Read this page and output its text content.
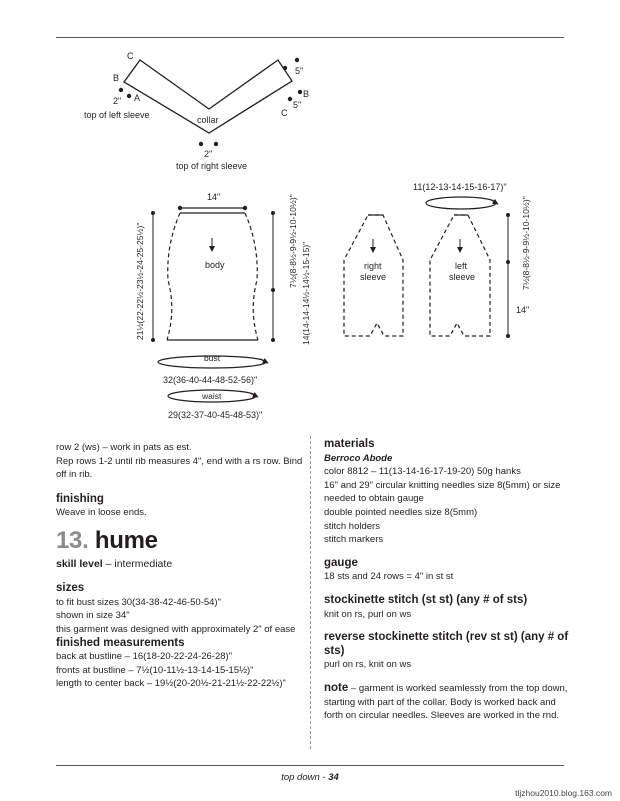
C
B
A
2"
top of left sleeve	collar
2"
top of right sleeve
5"
B
5"
C
14"
body
21½(22-22½-23½-24-25-25½)"	7½(8-8½-9-9½-10-10½)"
14(14-14-14½-14½-15-15)"
bust
32(36-40-44-48-52-56)"
waist
29(32-37-40-45-48-53)"
11(12-13-14-15-16-17)"
right
sleeve
left
sleeve	7½(8-8½-9-9½-10-10½)"
14"

row 2 (ws) – work in pats as est.

Rep rows 1-2 until rib measures 4", end with a rs row. Bind

off in rib.

finishing

Weave in loose ends.

13. hume

skill level – intermediate

sizes

to fit bust sizes 30(34-38-42-46-50-54)"

shown in size 34"

this garment was designed with approximately 2" of ease

finished measurements

back at bustline – 16(18-20-22-24-26-28)"

fronts at bustline – 7½(10-11½-13-14-15-15½)"

length to center back – 19½(20-20½-21-21½-22-22½)"

materials

Berroco Abode

color 8812 – 11(13-14-16-17-19-20) 50g hanks

16" and 29" circular knitting needles size 8(5mm) or size

needed to obtain gauge

double pointed needles size 8(5mm)

stitch holders

stitch markers

gauge

18 sts and 24 rows = 4" in st st

stockinette stitch (st st) (any # of sts)

knit on rs, purl on ws

reverse stockinette stitch (rev st st) (any # of sts)

purl on rs, knit on ws

note – garment is worked seamlessly from the top down,

starting with part of the collar. Body is worked back and

forth on circular needles. Sleeves are worked in the rnd.

top down - 34
tljzhou2010.blog.163.com
